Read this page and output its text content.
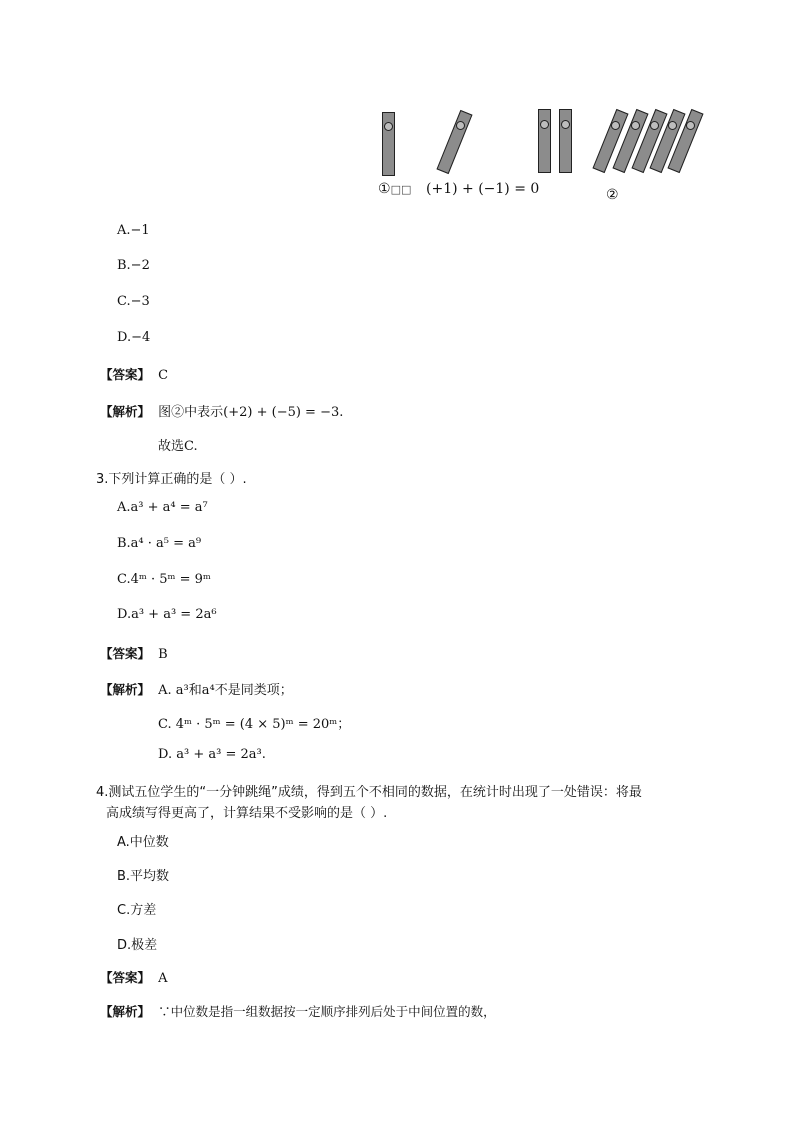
①□□ (+1) + (−1) = 0	②
A.−1
B.−2
C.−3
D.−4
【答案】 C
【解析】 图②中表示(+2) + (−5) = −3.
故选C.
3.下列计算正确的是（ ）.
A.a³ + a⁴ = a⁷
B.a⁴ · a⁵ = a⁹
C.4ᵐ · 5ᵐ = 9ᵐ
D.a³ + a³ = 2a⁶
【答案】 B
【解析】 A. a³和a⁴不是同类项；
C. 4ᵐ · 5ᵐ = (4 × 5)ᵐ = 20ᵐ；
D. a³ + a³ = 2a³.
4.测试五位学生的“一分钟跳绳”成绩，得到五个不相同的数据，在统计时出现了一处错误：将最
高成绩写得更高了，计算结果不受影响的是（ ）.
A.中位数
B.平均数
C.方差
D.极差
【答案】 A
【解析】 ∵中位数是指一组数据按一定顺序排列后处于中间位置的数，
